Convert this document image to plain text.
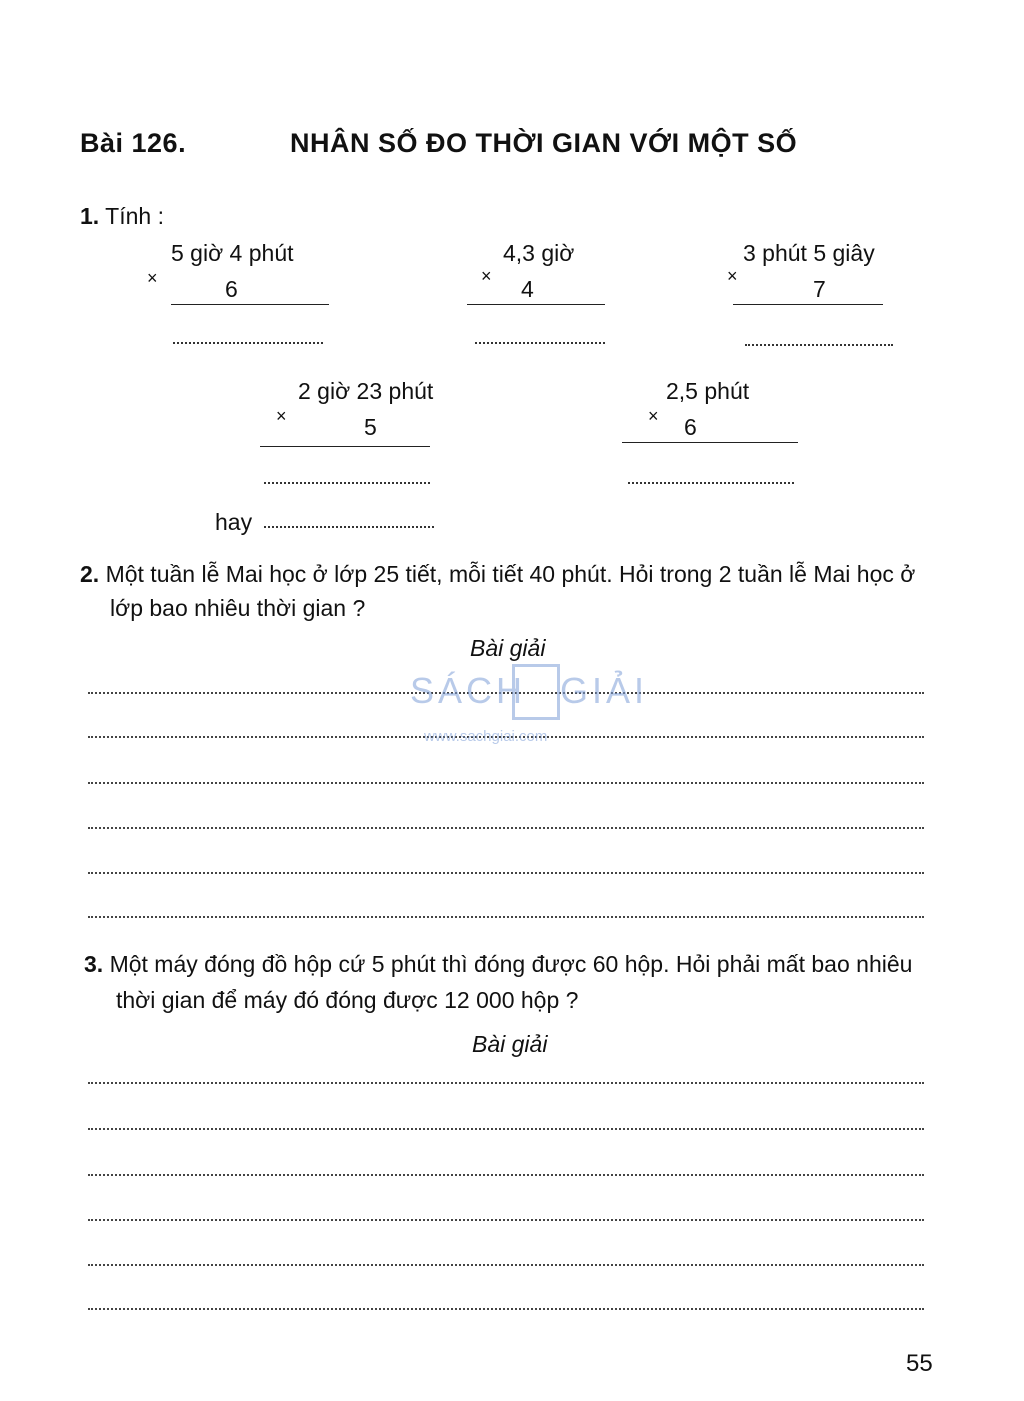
Bài 126.	NHÂN SỐ ĐO THỜI GIAN VỚI MỘT SỐ
1. Tính :
5 giờ 4 phút
×	6
4,3 giờ
× 4
3 phút 5 giây
×	7
2 giờ 23 phút
×	5
2,5 phút
× 6
hay
2. Một tuần lễ Mai học ở lớp 25 tiết, mỗi tiết 40 phút. Hỏi trong 2 tuần lễ Mai học ở
lớp bao nhiêu thời gian ?
Bài giải
SÁCH GIẢI
www.sachgiai.com
3. Một máy đóng đồ hộp cứ 5 phút thì đóng được 60 hộp. Hỏi phải mất bao nhiêu
thời gian để máy đó đóng được 12 000 hộp ?
Bài giải
55
